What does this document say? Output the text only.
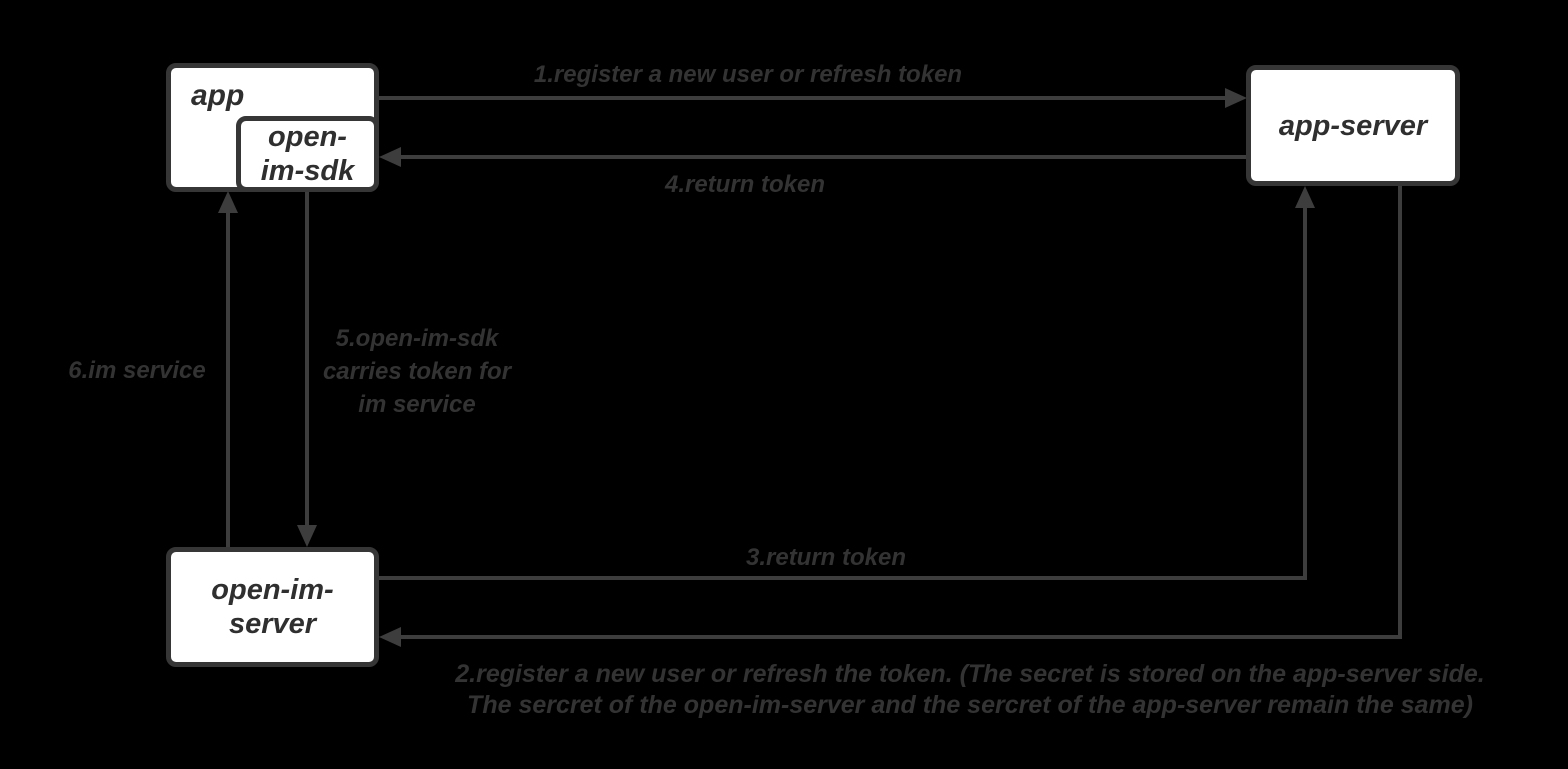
1.register a new user or refresh token
4.return token
6.im service
5.open-im-sdk
carries token for
im service
3.return token
2.register a new user or refresh the token. (The secret is stored on the app-server side.
The sercret of the open-im-server and the sercret of the app-server remain the same)
app
open-
im-sdk
app-server
open-im-
server
